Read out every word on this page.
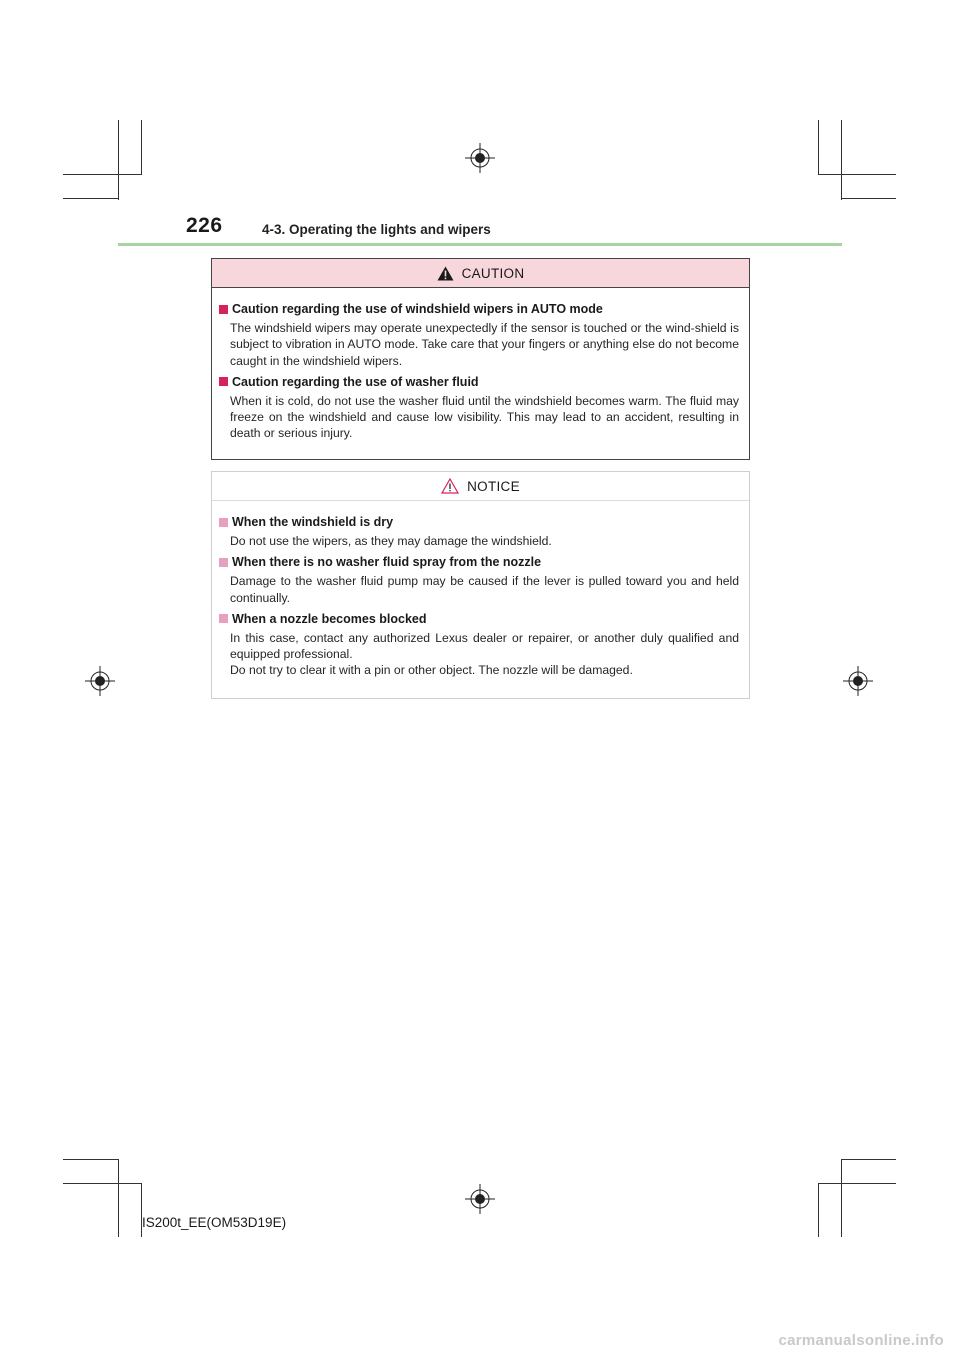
226	4-3. Operating the lights and wipers
CAUTION
Caution regarding the use of windshield wipers in AUTO mode

The windshield wipers may operate unexpectedly if the sensor is touched or the wind-shield is subject to vibration in AUTO mode. Take care that your fingers or anything else do not become caught in the windshield wipers.

Caution regarding the use of washer fluid

When it is cold, do not use the washer fluid until the windshield becomes warm. The fluid may freeze on the windshield and cause low visibility. This may lead to an accident, resulting in death or serious injury.

NOTICE
When the windshield is dry

Do not use the wipers, as they may damage the windshield.

When there is no washer fluid spray from the nozzle

Damage to the washer fluid pump may be caused if the lever is pulled toward you and held continually.

When a nozzle becomes blocked

In this case, contact any authorized Lexus dealer or repairer, or another duly qualified and equipped professional.

Do not try to clear it with a pin or other object. The nozzle will be damaged.

IS200t_EE(OM53D19E)
carmanualsonline.info
